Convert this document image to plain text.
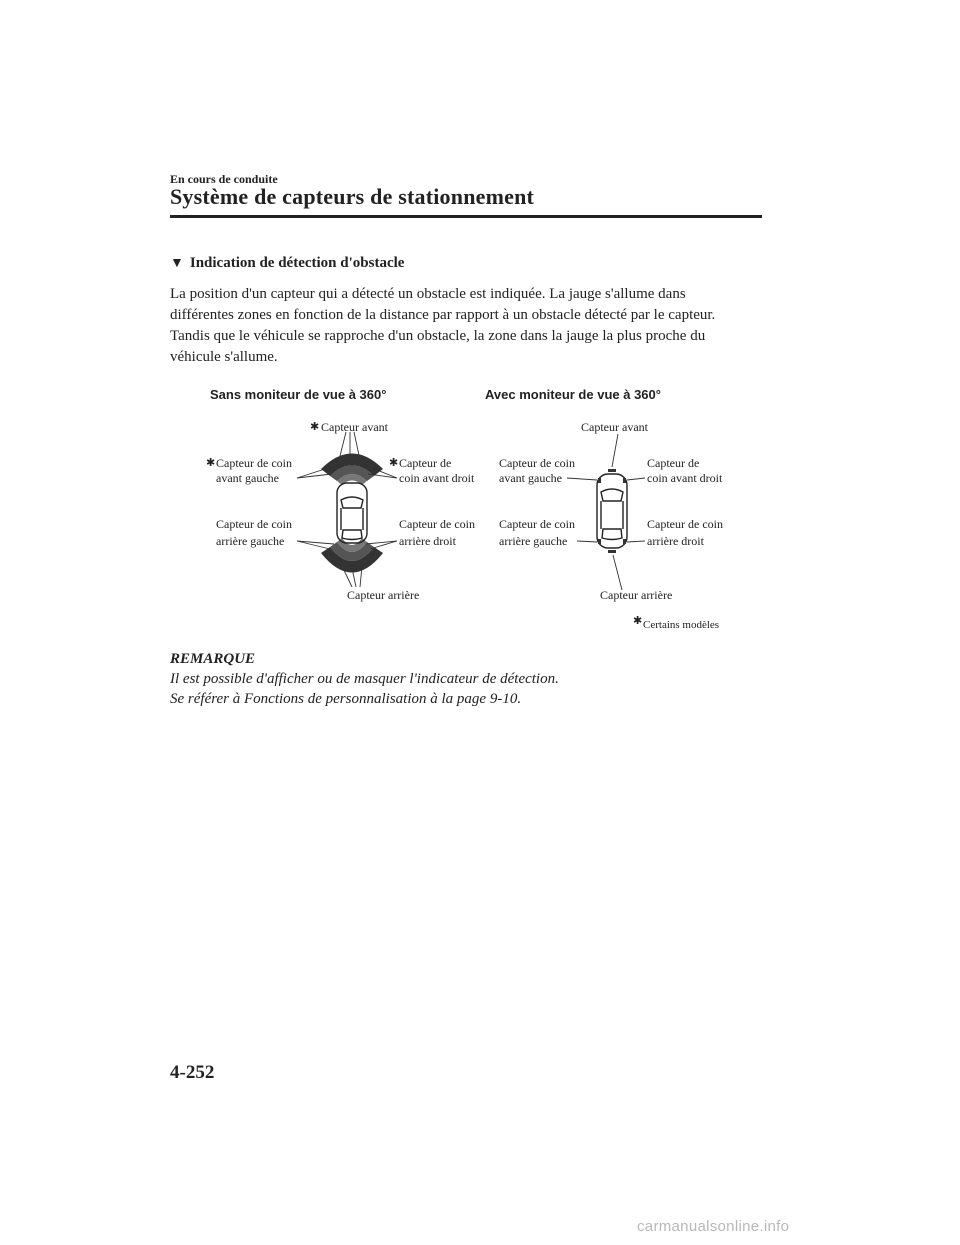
En cours de conduite
Système de capteurs de stationnement
▼ Indication de détection d'obstacle
La position d'un capteur qui a détecté un obstacle est indiquée. La jauge s'allume dans
différentes zones en fonction de la distance par rapport à un obstacle détecté par le capteur.
Tandis que le véhicule se rapproche d'un obstacle, la zone dans la jauge la plus proche du
véhicule s'allume.
Sans moniteur de vue à 360°
✱ Capteur avant
✱ Capteur de coin
avant gauche
✱ Capteur de
coin avant droit
Capteur de coin
arrière gauche
Capteur de coin
arrière droit
Capteur arrière
Avec moniteur de vue à 360°
Capteur avant
Capteur de coin
avant gauche
Capteur de
coin avant droit
Capteur de coin
arrière gauche
Capteur de coin
arrière droit
Capteur arrière
✱ Certains modèles
REMARQUE
Il est possible d'afficher ou de masquer l'indicateur de détection.
Se référer à Fonctions de personnalisation à la page 9-10.
4-252
carmanualsonline.info
